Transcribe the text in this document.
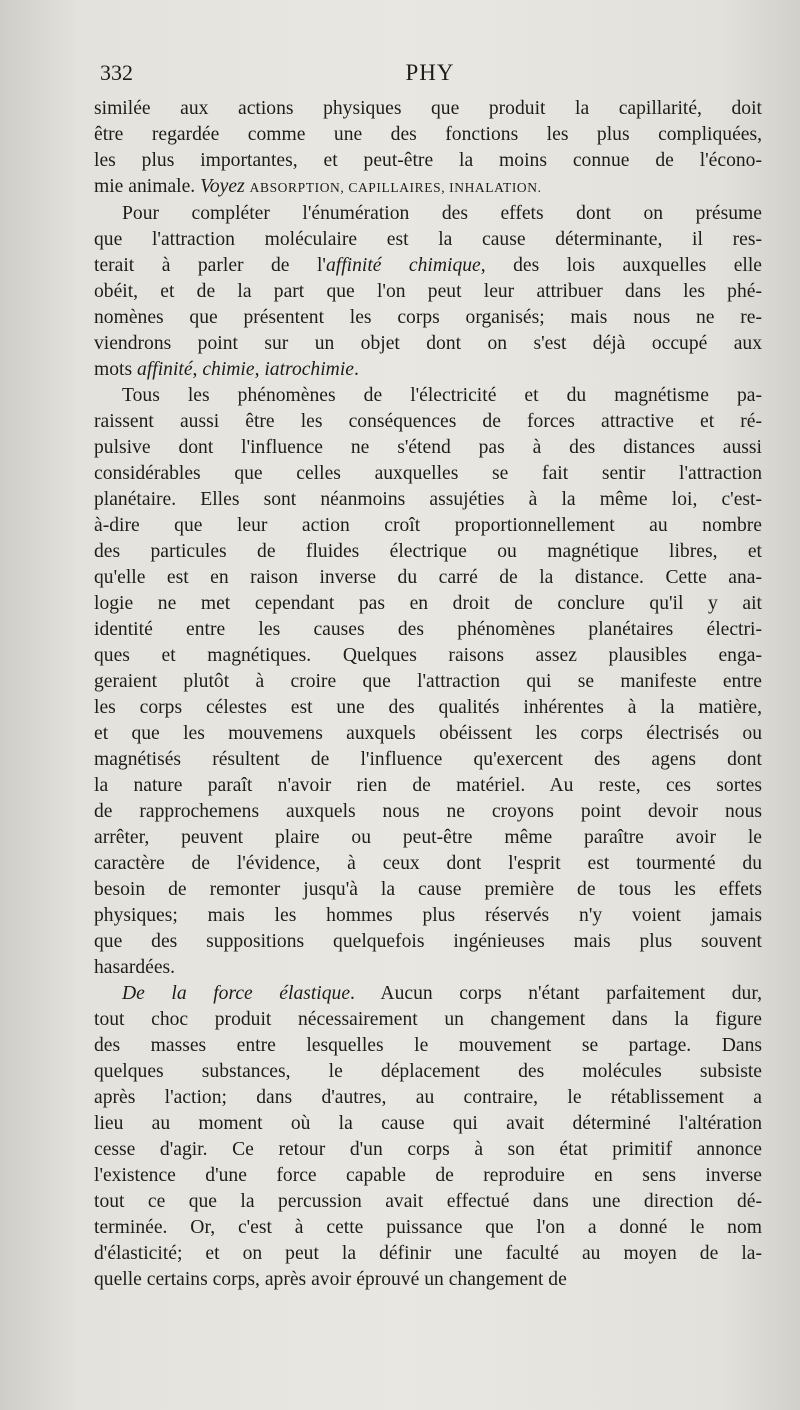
332	PHY

similée aux actions physiques que produit la capillarité, doit
être regardée comme une des fonctions les plus compliquées,
les plus importantes, et peut-être la moins connue de l'écono-
mie animale. Voyez ABSORPTION, CAPILLAIRES, INHALATION.

Pour compléter l'énumération des effets dont on présume
que l'attraction moléculaire est la cause déterminante, il res-
terait à parler de l'affinité chimique, des lois auxquelles elle
obéit, et de la part que l'on peut leur attribuer dans les phé-
nomènes que présentent les corps organisés; mais nous ne re-
viendrons point sur un objet dont on s'est déjà occupé aux
mots affinité, chimie, iatrochimie.

Tous les phénomènes de l'électricité et du magnétisme pa-
raissent aussi être les conséquences de forces attractive et ré-
pulsive dont l'influence ne s'étend pas à des distances aussi
considérables que celles auxquelles se fait sentir l'attraction
planétaire. Elles sont néanmoins assujéties à la même loi, c'est-
à-dire que leur action croît proportionnellement au nombre
des particules de fluides électrique ou magnétique libres, et
qu'elle est en raison inverse du carré de la distance. Cette ana-
logie ne met cependant pas en droit de conclure qu'il y ait
identité entre les causes des phénomènes planétaires électri-
ques et magnétiques. Quelques raisons assez plausibles enga-
geraient plutôt à croire que l'attraction qui se manifeste entre
les corps célestes est une des qualités inhérentes à la matière,
et que les mouvemens auxquels obéissent les corps électrisés ou
magnétisés résultent de l'influence qu'exercent des agens dont
la nature paraît n'avoir rien de matériel. Au reste, ces sortes
de rapprochemens auxquels nous ne croyons point devoir nous
arrêter, peuvent plaire ou peut-être même paraître avoir le
caractère de l'évidence, à ceux dont l'esprit est tourmenté du
besoin de remonter jusqu'à la cause première de tous les effets
physiques; mais les hommes plus réservés n'y voient jamais
que des suppositions quelquefois ingénieuses mais plus souvent
hasardées.

De la force élastique. Aucun corps n'étant parfaitement dur,
tout choc produit nécessairement un changement dans la figure
des masses entre lesquelles le mouvement se partage. Dans
quelques substances, le déplacement des molécules subsiste
après l'action; dans d'autres, au contraire, le rétablissement a
lieu au moment où la cause qui avait déterminé l'altération
cesse d'agir. Ce retour d'un corps à son état primitif annonce
l'existence d'une force capable de reproduire en sens inverse
tout ce que la percussion avait effectué dans une direction dé-
terminée. Or, c'est à cette puissance que l'on a donné le nom
d'élasticité; et on peut la définir une faculté au moyen de la-
quelle certains corps, après avoir éprouvé un changement de
